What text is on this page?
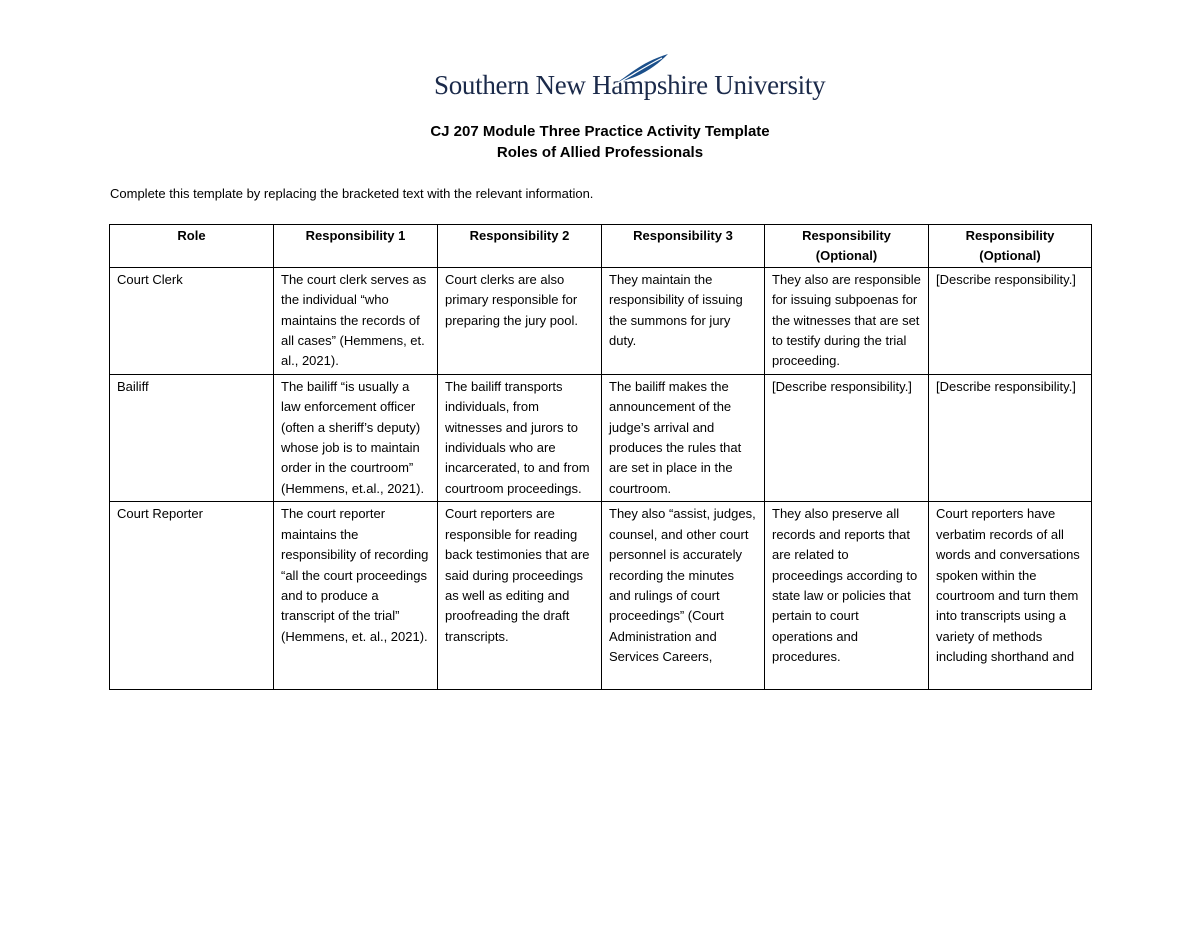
Southern New Hampshire University
CJ 207 Module Three Practice Activity Template
Roles of Allied Professionals
Complete this template by replacing the bracketed text with the relevant information.
Role	Responsibility 1	Responsibility 2	Responsibility 3	Responsibility (Optional)	Responsibility (Optional)
Court Clerk	The court clerk serves as the individual “who maintains the records of all cases” (Hemmens, et. al., 2021).	Court clerks are also primary responsible for preparing the jury pool.	They maintain the responsibility of issuing the summons for jury duty.	They also are responsible for issuing subpoenas for the witnesses that are set to testify during the trial proceeding.	[Describe responsibility.]
Bailiff	The bailiff “is usually a law enforcement officer (often a sheriff’s deputy) whose job is to maintain order in the courtroom” (Hemmens, et.al., 2021).	The bailiff transports individuals, from witnesses and jurors to individuals who are incarcerated, to and from courtroom proceedings.	The bailiff makes the announcement of the judge’s arrival and produces the rules that are set in place in the courtroom.	[Describe responsibility.]	[Describe responsibility.]

Court Reporter	The court reporter maintains the responsibility of recording “all the court proceedings and to produce a transcript of the trial” (Hemmens, et. al., 2021).	Court reporters are responsible for reading back testimonies that are said during proceedings as well as editing and proofreading the draft transcripts.	They also “assist, judges, counsel, and other court personnel is accurately recording the minutes and rulings of court proceedings” (Court Administration and Services Careers,	They also preserve all records and reports that are related to proceedings according to state law or policies that pertain to court operations and procedures.	Court reporters have verbatim records of all words and conversations spoken within the courtroom and turn them into transcripts using a variety of methods including shorthand and
